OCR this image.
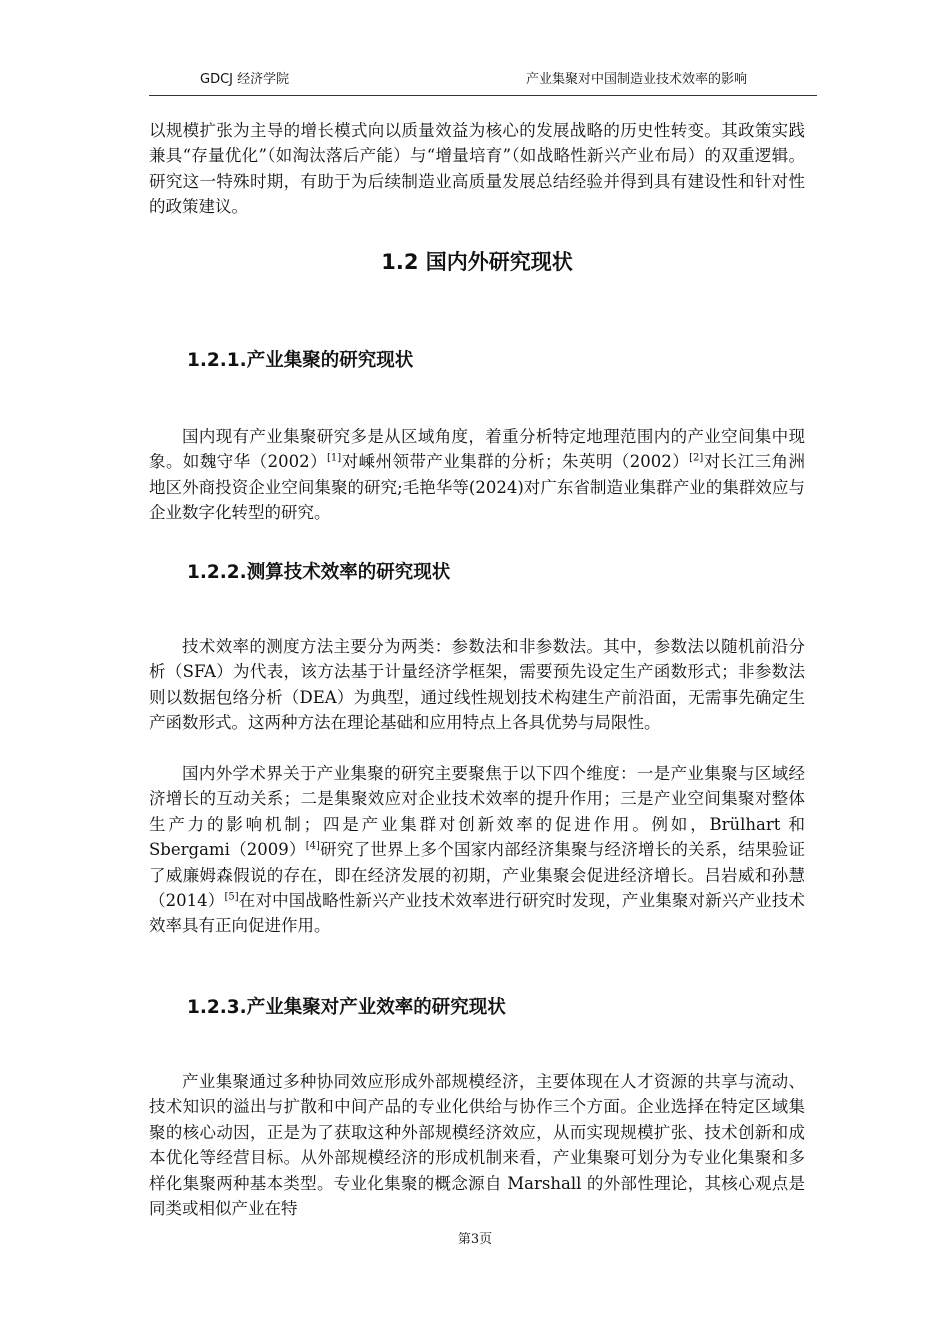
GDCJ 经济学院	产业集聚对中国制造业技术效率的影响

以规模扩张为主导的增长模式向以质量效益为核心的发展战略的历史性转变。其政策实践兼具“存量优化”（如淘汰落后产能）与“增量培育”（如战略性新兴产业布局）的双重逻辑。研究这一特殊时期，有助于为后续制造业高质量发展总结经验并得到具有建设性和针对性的政策建议。

1.2 国内外研究现状
1.2.1.产业集聚的研究现状

国内现有产业集聚研究多是从区域角度，着重分析特定地理范围内的产业空间集中现象。如魏守华（2002）[1]对嵊州领带产业集群的分析；朱英明（2002）[2]对长江三角洲地区外商投资企业空间集聚的研究;毛艳华等(2024)对广东省制造业集群产业的集群效应与企业数字化转型的研究。

1.2.2.测算技术效率的研究现状

技术效率的测度方法主要分为两类：参数法和非参数法。其中，参数法以随机前沿分析（SFA）为代表，该方法基于计量经济学框架，需要预先设定生产函数形式；非参数法则以数据包络分析（DEA）为典型，通过线性规划技术构建生产前沿面，无需事先确定生产函数形式。这两种方法在理论基础和应用特点上各具优势与局限性。

国内外学术界关于产业集聚的研究主要聚焦于以下四个维度：一是产业集聚与区域经济增长的互动关系；二是集聚效应对企业技术效率的提升作用；三是产业空间集聚对整体生产力的影响机制；四是产业集群对创新效率的促进作用。例如，Brülhart 和 Sbergami（2009）[4]研究了世界上多个国家内部经济集聚与经济增长的关系，结果验证了威廉姆森假说的存在，即在经济发展的初期，产业集聚会促进经济增长。吕岩威和孙慧（2014）[5]在对中国战略性新兴产业技术效率进行研究时发现，产业集聚对新兴产业技术效率具有正向促进作用。

1.2.3.产业集聚对产业效率的研究现状

产业集聚通过多种协同效应形成外部规模经济，主要体现在人才资源的共享与流动、技术知识的溢出与扩散和中间产品的专业化供给与协作三个方面。企业选择在特定区域集聚的核心动因，正是为了获取这种外部规模经济效应，从而实现规模扩张、技术创新和成本优化等经营目标。从外部规模经济的形成机制来看，产业集聚可划分为专业化集聚和多样化集聚两种基本类型。专业化集聚的概念源自 Marshall 的外部性理论，其核心观点是同类或相似产业在特

第3页
